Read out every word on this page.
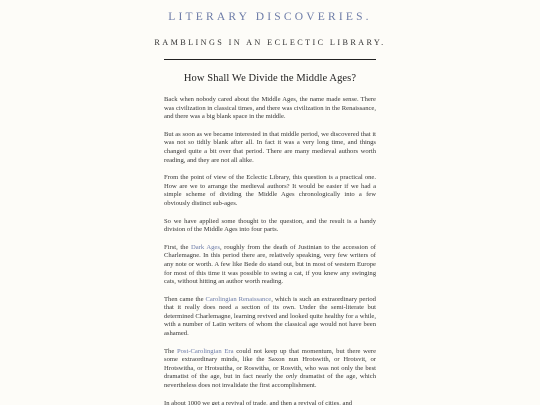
LITERARY DISCOVERIES.
RAMBLINGS IN AN ECLECTIC LIBRARY.
How Shall We Divide the Middle Ages?

Back when nobody cared about the Middle Ages, the name made sense. There was civilization in classical times, and there was civilization in the Renaissance, and there was a big blank space in the middle.

But as soon as we became interested in that middle period, we discovered that it was not so tidily blank after all. In fact it was a very long time, and things changed quite a bit over that period. There are many medieval authors worth reading, and they are not all alike.

From the point of view of the Eclectic Library, this question is a practical one. How are we to arrange the medieval authors? It would be easier if we had a simple scheme of dividing the Middle Ages chronologically into a few obviously distinct sub-ages.

So we have applied some thought to the question, and the result is a handy division of the Middle Ages into four parts.

First, the Dark Ages, roughly from the death of Justinian to the accession of Charlemagne. In this period there are, relatively speaking, very few writers of any note or worth. A few like Bede do stand out, but in most of western Europe for most of this time it was possible to swing a cat, if you knew any swinging cats, without hitting an author worth reading.

Then came the Carolingian Renaissance, which is such an extraordinary period that it really does need a section of its own. Under the semi-literate but determined Charlemagne, learning revived and looked quite healthy for a while, with a number of Latin writers of whom the classical age would not have been ashamed.

The Post-Carolingian Era could not keep up that momentum, but there were some extraordinary minds, like the Saxon nun Hrotswith, or Hrotsvit, or Hrotswitha, or Hrotsuitha, or Roswitha, or Rosvith, who was not only the best dramatist of the age, but in fact nearly the only dramatist of the age, which nevertheless does not invalidate the first accomplishment.

In about 1000 we get a revival of trade, and then a revival of cities, and
